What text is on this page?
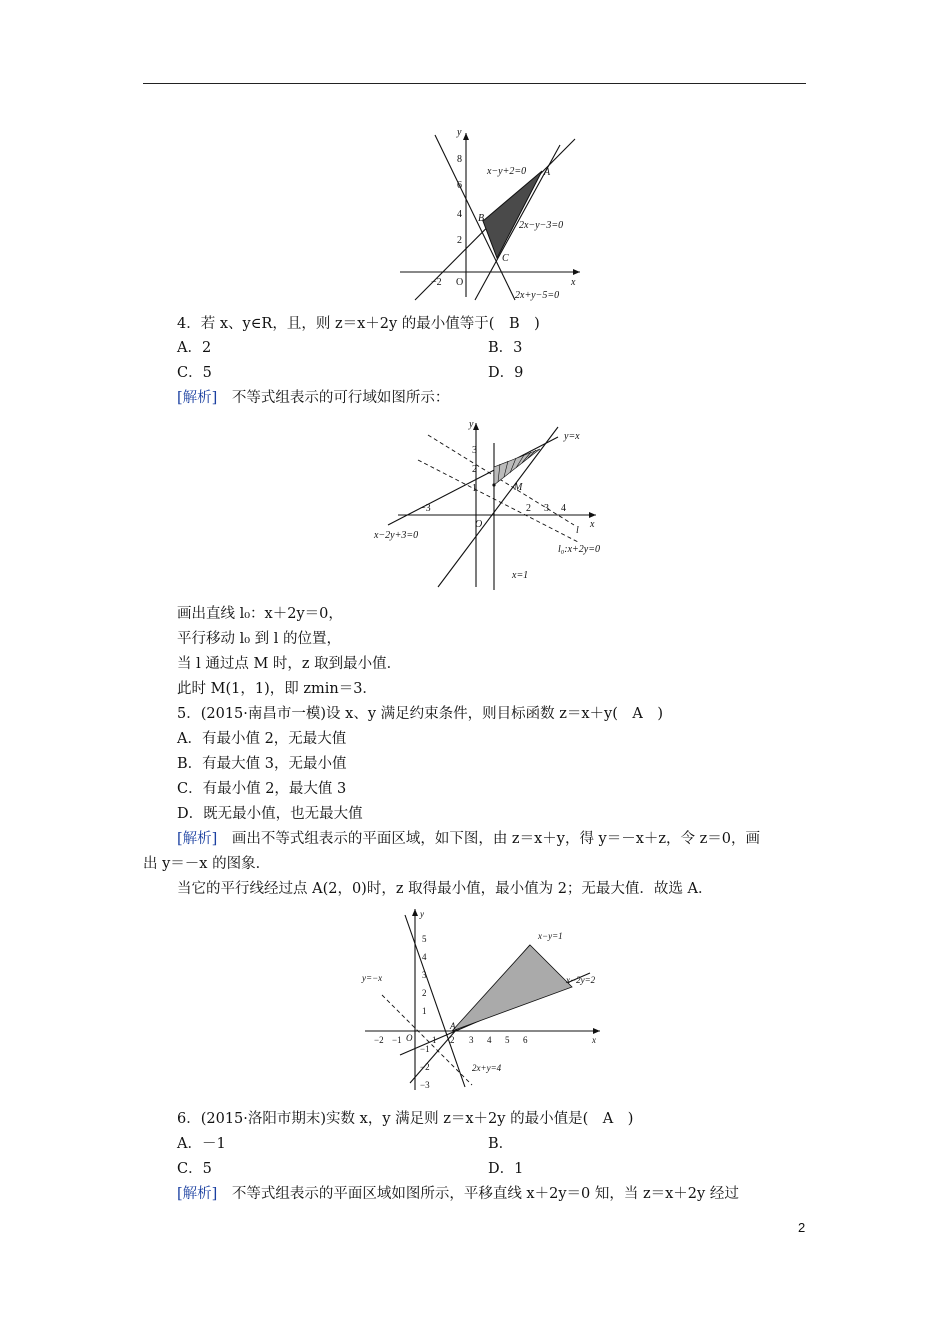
y
x
x−y+2=0
2x−y−3=0
2x+y−5=0
A
B
C
8
6
4
2
−2 O
4．若 x、y∈R，且，则 z＝x＋2y 的最小值等于(　B　)
A．2	B．3
C．5	D．9
[解析]　不等式组表示的可行域如图所示：
y
x
y=x
M
l
l₀:x+2y=0
x−2y+3=0
x=1
O
3
2
1
2 3 4
−3
画出直线 l₀：x＋2y＝0，
平行移动 l₀ 到 l 的位置，
当 l 通过点 M 时，z 取到最小值．
此时 M(1，1)，即 zmin＝3．
5．(2015·南昌市一模)设 x、y 满足约束条件，则目标函数 z＝x＋y(　A　)
A．有最小值 2，无最大值
B．有最大值 3，无最小值
C．有最小值 2，最大值 3
D．既无最小值，也无最大值
[解析]　画出不等式组表示的平面区域，如下图，由 z＝x＋y，得 y＝－x＋z，令 z＝0，画
出 y＝－x 的图象．
当它的平行线经过点 A(2，0)时，z 取得最小值，最小值为 2；无最大值．故选 A．
y
x
x−y=1
x−2y=2
y=−x
2x+y=4
A
O
5
4
3
2
1
−1
−2
−3
−2 −1	1 2 3 4 5 6
6．(2015·洛阳市期末)实数 x，y 满足则 z＝x＋2y 的最小值是(　A　)
A．－1	B．
C．5	D．1
[解析]　不等式组表示的平面区域如图所示，平移直线 x＋2y＝0 知，当 z＝x＋2y 经过
2
